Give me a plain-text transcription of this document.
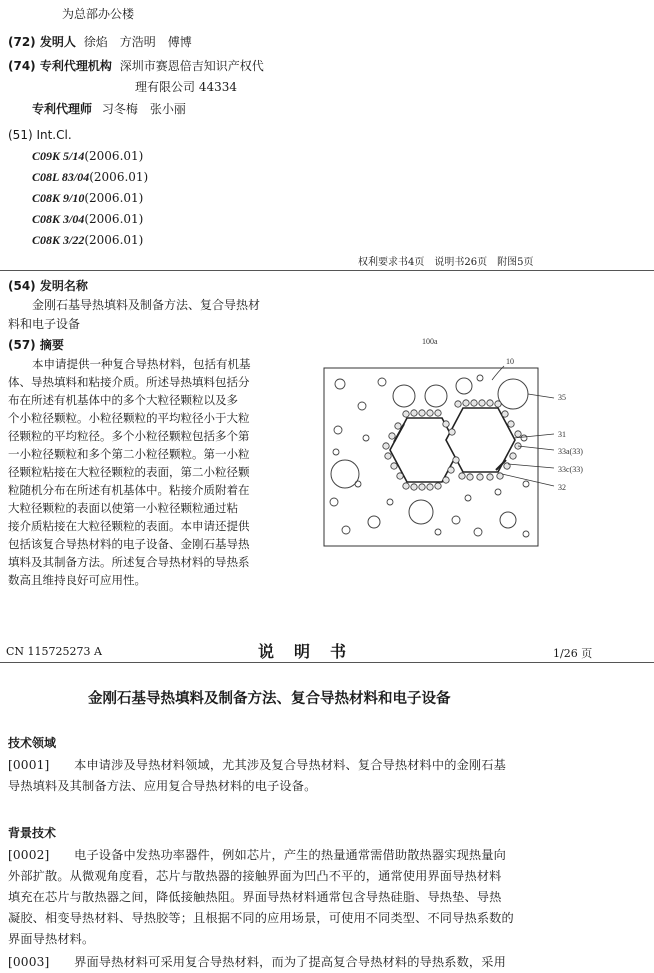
为总部办公楼
(72) 发明人 徐焰　方浩明　傅博
(74) 专利代理机构 深圳市赛恩倍吉知识产权代
理有限公司 44334
专利代理师 习冬梅　张小丽
(51) Int.Cl.
C09K 5/14(2006.01)
C08L 83/04(2006.01)
C08K 9/10(2006.01)
C08K 3/04(2006.01)
C08K 3/22(2006.01)
权利要求书4页　说明书26页　附图5页
(54) 发明名称
金刚石基导热填料及制备方法、复合导热材
料和电子设备
(57) 摘要
本申请提供一种复合导热材料，包括有机基
体、导热填料和粘接介质。所述导热填料包括分
布在所述有机基体中的多个大粒径颗粒以及多
个小粒径颗粒。小粒径颗粒的平均粒径小于大粒
径颗粒的平均粒径。多个小粒径颗粒包括多个第
一小粒径颗粒和多个第二小粒径颗粒。第一小粒
径颗粒粘接在大粒径颗粒的表面，第二小粒径颗
粒随机分布在所述有机基体中。粘接介质附着在
大粒径颗粒的表面以使第一小粒径颗粒通过粘
接介质粘接在大粒径颗粒的表面。本申请还提供
包括该复合导热材料的电子设备、金刚石基导热
填料及其制备方法。所述复合导热材料的导热系
数高且维持良好可应用性。
100a
10
35
31
33a(33)
33c(33)
32
CN 115725273 A	说　明　书	1/26 页
金刚石基导热填料及制备方法、复合导热材料和电子设备
技术领域
[0001]　　本申请涉及导热材料领域，尤其涉及复合导热材料、复合导热材料中的金刚石基
导热填料及其制备方法、应用复合导热材料的电子设备。
背景技术
[0002]　　电子设备中发热功率器件，例如芯片，产生的热量通常需借助散热器实现热量向
外部扩散。从微观角度看，芯片与散热器的接触界面为凹凸不平的，通常使用界面导热材料
填充在芯片与散热器之间，降低接触热阻。界面导热材料通常包含导热硅脂、导热垫、导热
凝胶、相变导热材料、导热胶等；且根据不同的应用场景，可使用不同类型、不同导热系数的
界面导热材料。
[0003]　　界面导热材料可采用复合导热材料，而为了提高复合导热材料的导热系数，采用
